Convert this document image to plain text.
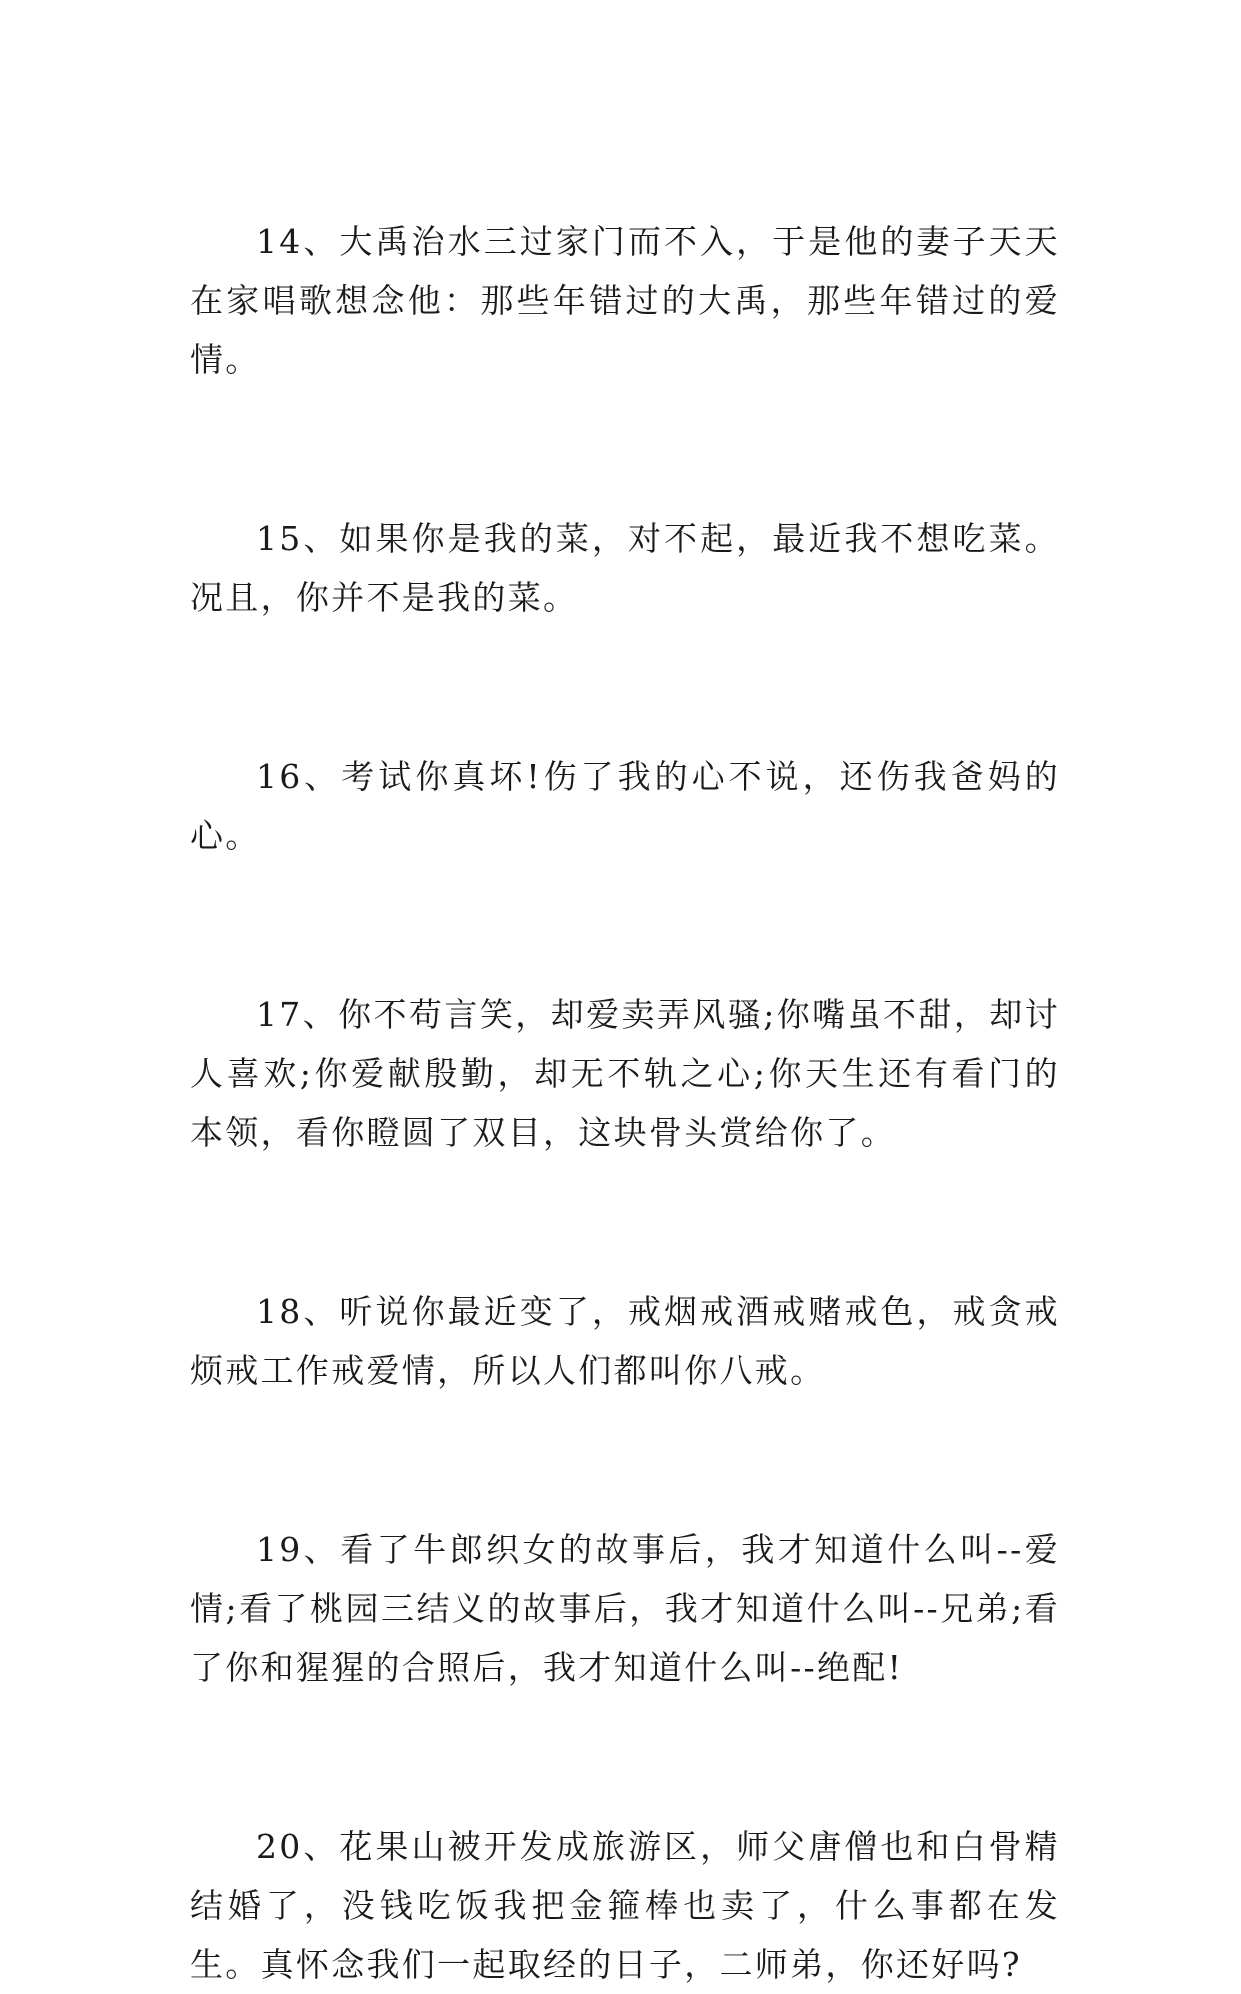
14、大禹治水三过家门而不入，于是他的妻子天天在家唱歌想念他：那些年错过的大禹，那些年错过的爱情。

15、如果你是我的菜，对不起，最近我不想吃菜。况且，你并不是我的菜。

16、考试你真坏!伤了我的心不说，还伤我爸妈的心。

17、你不苟言笑，却爱卖弄风骚;你嘴虽不甜，却讨人喜欢;你爱献殷勤，却无不轨之心;你天生还有看门的本领，看你瞪圆了双目，这块骨头赏给你了。

18、听说你最近变了，戒烟戒酒戒赌戒色，戒贪戒烦戒工作戒爱情，所以人们都叫你八戒。

19、看了牛郎织女的故事后，我才知道什么叫--爱情;看了桃园三结义的故事后，我才知道什么叫--兄弟;看了你和猩猩的合照后，我才知道什么叫--绝配!

20、花果山被开发成旅游区，师父唐僧也和白骨精结婚了，没钱吃饭我把金箍棒也卖了，什么事都在发生。真怀念我们一起取经的日子，二师弟，你还好吗?
